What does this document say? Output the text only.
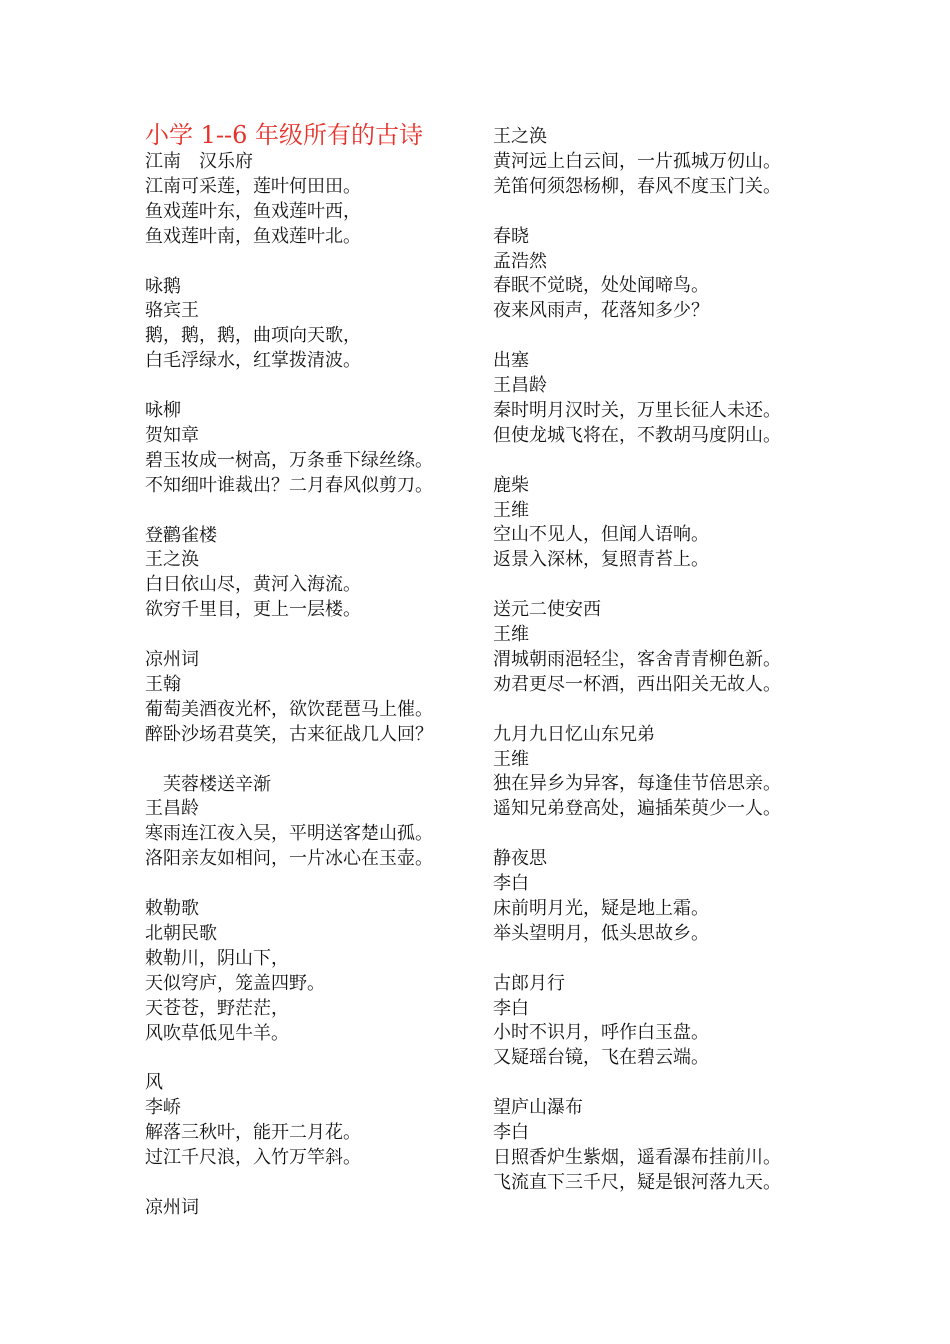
小学 1--6 年级所有的古诗
江南　汉乐府
江南可采莲，莲叶何田田。
鱼戏莲叶东，鱼戏莲叶西，
鱼戏莲叶南，鱼戏莲叶北。
咏鹅
骆宾王
鹅，鹅，鹅，曲项向天歌，
白毛浮绿水，红掌拨清波。
咏柳
贺知章
碧玉妆成一树高，万条垂下绿丝绦。
不知细叶谁裁出？二月春风似剪刀。
登鹳雀楼
王之涣
白日依山尽，黄河入海流。
欲穷千里目，更上一层楼。
凉州词
王翰
葡萄美酒夜光杯，欲饮琵琶马上催。
醉卧沙场君莫笑，古来征战几人回？
　芙蓉楼送辛渐
王昌龄
寒雨连江夜入吴，平明送客楚山孤。
洛阳亲友如相问，一片冰心在玉壶。
敕勒歌
北朝民歌
敕勒川，阴山下，
天似穹庐，笼盖四野。
天苍苍，野茫茫，
风吹草低见牛羊。
风
李峤
解落三秋叶，能开二月花。
过江千尺浪，入竹万竿斜。
凉州词
王之涣
黄河远上白云间，一片孤城万仞山。
羌笛何须怨杨柳，春风不度玉门关。
春晓
孟浩然
春眠不觉晓，处处闻啼鸟。
夜来风雨声，花落知多少？
出塞
王昌龄
秦时明月汉时关，万里长征人未还。
但使龙城飞将在，不教胡马度阴山。
鹿柴
王维
空山不见人，但闻人语响。
返景入深林，复照青苔上。
送元二使安西
王维
渭城朝雨浥轻尘，客舍青青柳色新。
劝君更尽一杯酒，西出阳关无故人。
九月九日忆山东兄弟
王维
独在异乡为异客，每逢佳节倍思亲。
遥知兄弟登高处，遍插茱萸少一人。
静夜思
李白
床前明月光，疑是地上霜。
举头望明月，低头思故乡。
古郎月行
李白
小时不识月，呼作白玉盘。
又疑瑶台镜，飞在碧云端。
望庐山瀑布
李白
日照香炉生紫烟，遥看瀑布挂前川。
飞流直下三千尺，疑是银河落九天。
